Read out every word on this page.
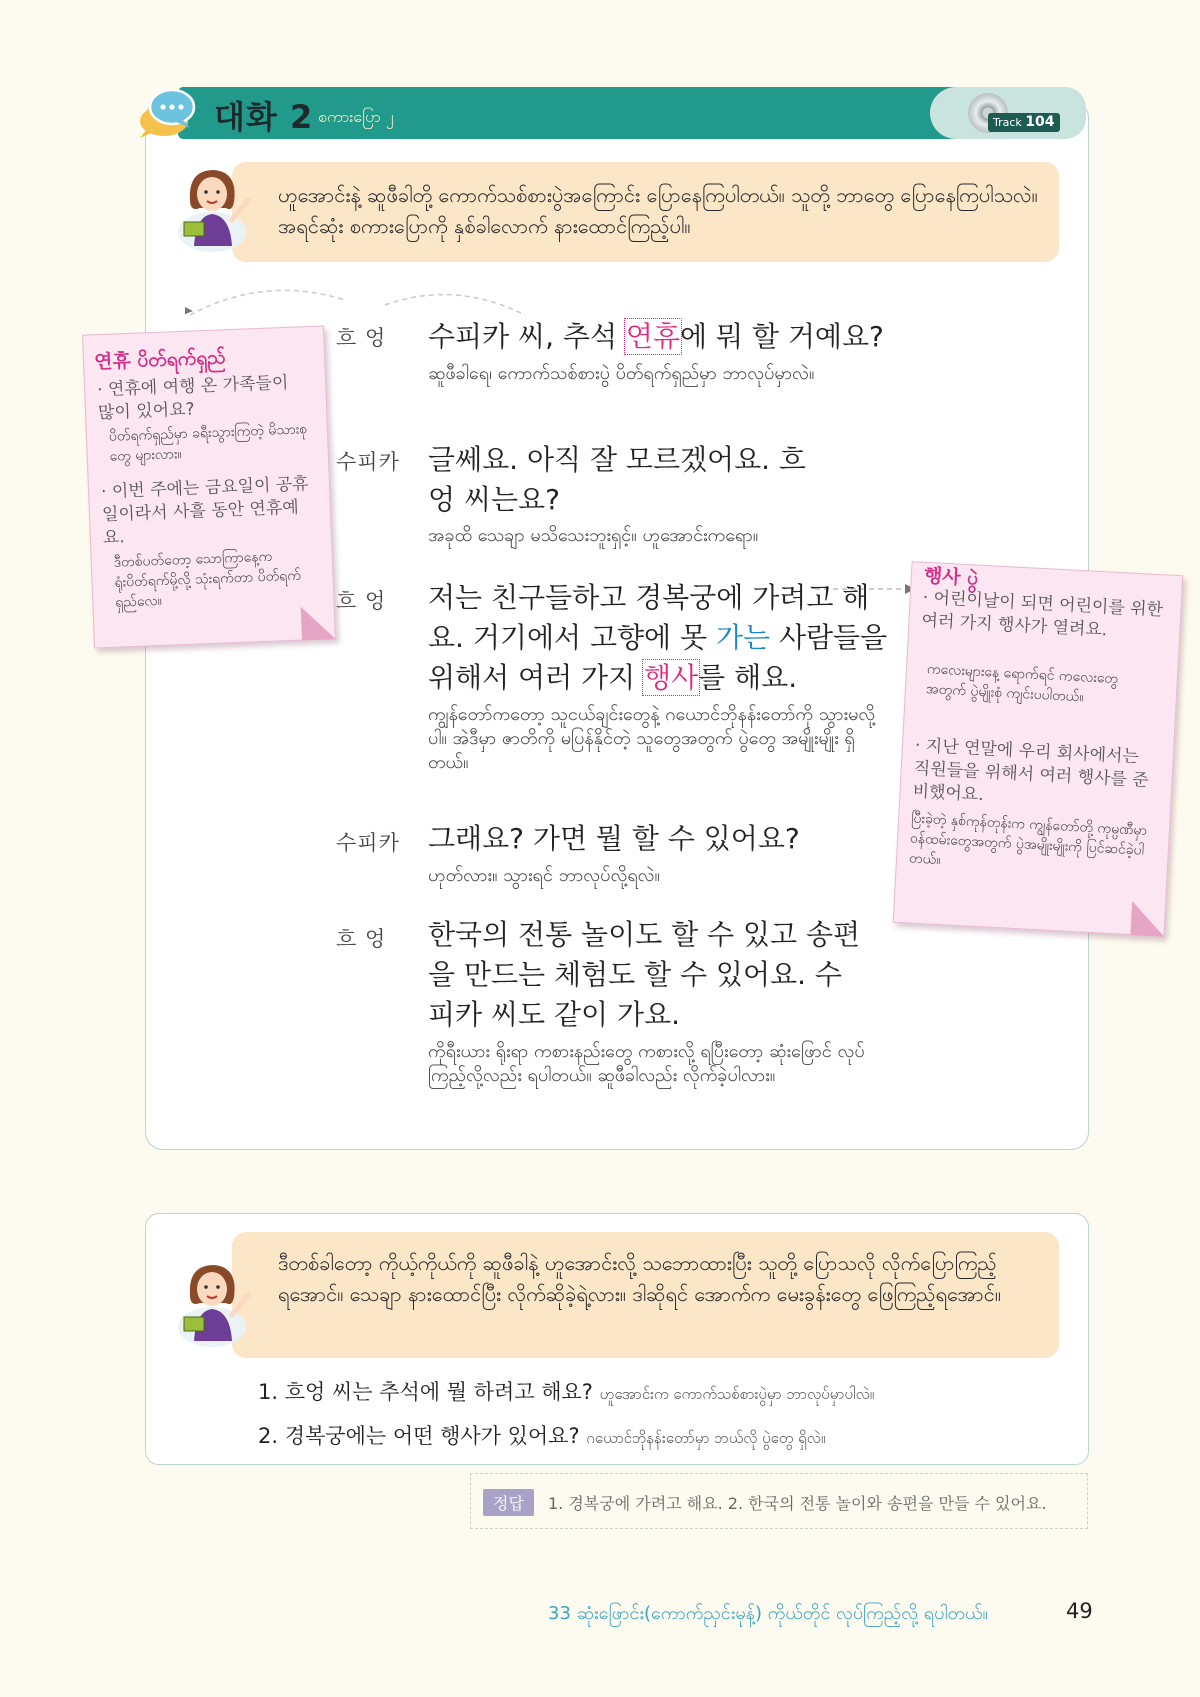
대화 2 စကားပြော ၂	Track 104
ဟူအောင်းနဲ့ ဆူဖီခါတို့ ကောက်သစ်စားပွဲအကြောင်း ပြောနေကြပါတယ်။ သူတို့ ဘာတွေ ပြောနေကြပါသလဲ။ အရင်ဆုံး စကားပြောကို နှစ်ခါလောက် နားထောင်ကြည့်ပါ။
연휴 ပိတ်ရက်ရှည်
· 연휴에 여행 온 가족들이 많이 있어요?
ပိတ်ရက်ရှည်မှာ ခရီးသွားကြတဲ့ မိသားစုတွေ များလား။
· 이번 주에는 금요일이 공휴일이라서 사흘 동안 연휴예요.
ဒီတစ်ပတ်တော့ သောကြာနေ့က ရုံးပိတ်ရက်မို့လို့ သုံးရက်တာ ပိတ်ရက်ရှည်လေ။
행사 ပွဲ
· 어린이날이 되면 어린이를 위한 여러 가지 행사가 열려요.
ကလေးများနေ့ ရောက်ရင် ကလေးတွေအတွက် ပွဲမျိုးစုံ ကျင်းပပါတယ်။
· 지난 연말에 우리 회사에서는 직원들을 위해서 여러 행사를 준비했어요.
ပြီးခဲ့တဲ့ နှစ်ကုန်တုန်းက ကျွန်တော်တို့ ကုမ္ပဏီမှာ ဝန်ထမ်းတွေအတွက် ပွဲအမျိုးမျိုးကို ပြင်ဆင်ခဲ့ပါတယ်။
흐 엉 수피카 씨, 추석 연휴에 뭐 할 거예요?
ဆူဖီခါရေ၊ ကောက်သစ်စားပွဲ ပိတ်ရက်ရှည်မှာ ဘာလုပ်မှာလဲ။
수피카 글쎄요. 아직 잘 모르겠어요. 흐엉 씨는요?
အခုထိ သေချာ မသိသေးဘူးရှင့်။ ဟူအောင်းကရော။
흐 엉 저는 친구들하고 경복궁에 가려고 해요. 거기에서 고향에 못 가는 사람들을 위해서 여러 가지 행사를 해요.
ကျွန်တော်ကတော့ သူငယ်ချင်းတွေနဲ့ ဂယောင်ဘိုနန်းတော်ကို သွားမလို့ပါ။ အဲဒီမှာ ဇာတိကို မပြန်နိုင်တဲ့ သူတွေအတွက် ပွဲတွေ အမျိုးမျိုး ရှိတယ်။
수피카 그래요? 가면 뭘 할 수 있어요?
ဟုတ်လား။ သွားရင် ဘာလုပ်လို့ရလဲ။
흐 엉 한국의 전통 놀이도 할 수 있고 송편을 만드는 체험도 할 수 있어요. 수피카 씨도 같이 가요.
ကိုရီးယား ရိုးရာ ကစားနည်းတွေ ကစားလို့ ရပြီးတော့ ဆုံးဖြောင် လုပ်ကြည့်လို့လည်း ရပါတယ်။ ဆူဖီခါလည်း လိုက်ခဲ့ပါလား။
ဒီတစ်ခါတော့ ကိုယ့်ကိုယ်ကို ဆူဖီခါနဲ့ ဟူအောင်းလို့ သဘောထားပြီး သူတို့ ပြောသလို လိုက်ပြောကြည့်ရအောင်။ သေချာ နားထောင်ပြီး လိုက်ဆိုခဲ့ရဲ့လား။ ဒါဆိုရင် အောက်က မေးခွန်းတွေ ဖြေကြည့်ရအောင်။
1. 흐엉 씨는 추석에 뭘 하려고 해요? ဟူအောင်းက ကောက်သစ်စားပွဲမှာ ဘာလုပ်မှာပါလဲ။
2. 경복궁에는 어떤 행사가 있어요? ဂယောင်ဘိုနန်းတော်မှာ ဘယ်လို ပွဲတွေ ရှိလဲ။
정답	1. 경복궁에 가려고 해요. 2. 한국의 전통 놀이와 송편을 만들 수 있어요.
33 ဆုံးဖြောင်း(ကောက်ညှင်းမုန့်) ကိုယ်တိုင် လုပ်ကြည့်လို့ ရပါတယ်။	49
